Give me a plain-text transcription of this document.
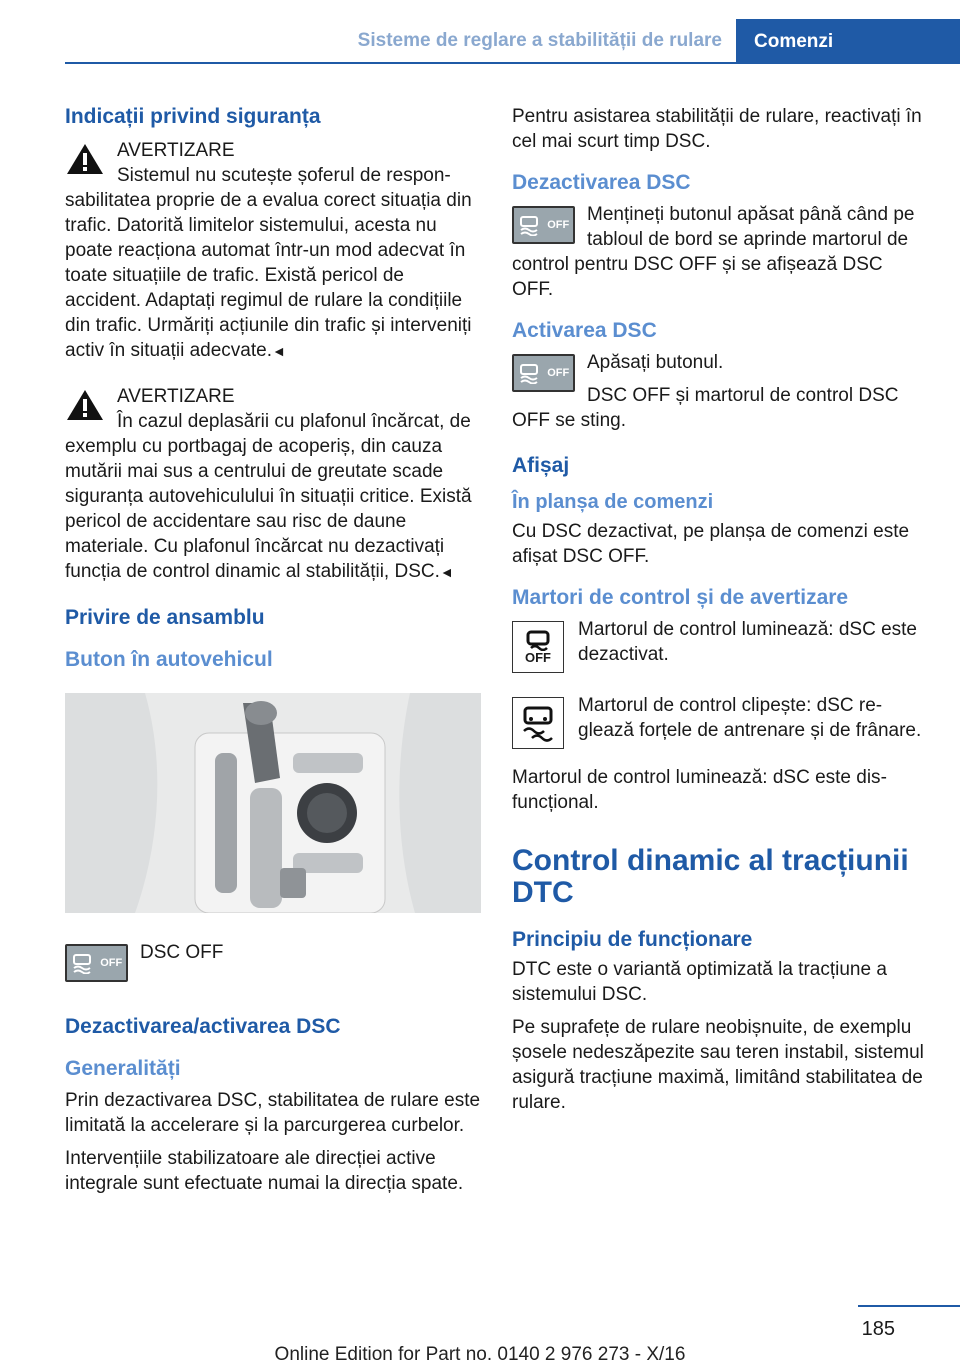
Sisteme de reglare a stabilității de rulare	Comenzi
Indicații privind siguranța
AVERTIZARE
Sistemul nu scutește șoferul de responsabilitatea proprie de a evalua corect situația din trafic. Datorită limitelor sistemului, acesta nu poate reacționa automat într-un mod adecvat în toate situațiile de trafic. Există pericol de accident. Adaptați regimul de rulare la condițiile din trafic. Urmăriți acțiunile din trafic și interveniți activ în situații adecvate.◄
AVERTIZARE
În cazul deplasării cu plafonul încărcat, de exemplu cu portbagaj de acoperiș, din cauza mutării mai sus a centrului de greutate scade siguranța autovehiculului în situații critice. Există pericol de accidentare sau risc de daune materiale. Cu plafonul încărcat nu dezactivați funcția de control dinamic al stabilității, DSC.◄
Privire de ansamblu
Buton în autovehicul
OFF DSC OFF
Dezactivarea/activarea DSC
Generalități

Prin dezactivarea DSC, stabilitatea de rulare este limitată la accelerare și la parcurgerea curbelor.

Intervențiile stabilizatoare ale direcției active integrale sunt efectuate numai la direcția spate.

Pentru asistarea stabilității de rulare, reactivați în cel mai scurt timp DSC.

Dezactivarea DSC
OFF Mențineți butonul apăsat până când pe tabloul de bord se aprinde martorul de control pentru DSC OFF și se afișează DSC OFF.
Activarea DSC
OFF Apăsați butonul.

DSC OFF și martorul de control DSC OFF se sting.
Afișaj
În planșa de comenzi

Cu DSC dezactivat, pe planșa de comenzi este afișat DSC OFF.

Martori de control și de avertizare
OFF
Martorul de control luminează: dSC este dezactivat.
Martorul de control clipește: dSC reglează forțele de antrenare și de frânare.

Martorul de control luminează: dSC este disfuncțional.

Control dinamic al tracțiunii DTC
Principiu de funcționare

DTC este o variantă optimizată la tracțiune a sistemului DSC.

Pe suprafețe de rulare neobișnuite, de exemplu șosele nedeszăpezite sau teren instabil, sistemul asigură tracțiune maximă, limitând stabilitatea de rulare.

185
Online Edition for Part no. 0140 2 976 273 - X/16
